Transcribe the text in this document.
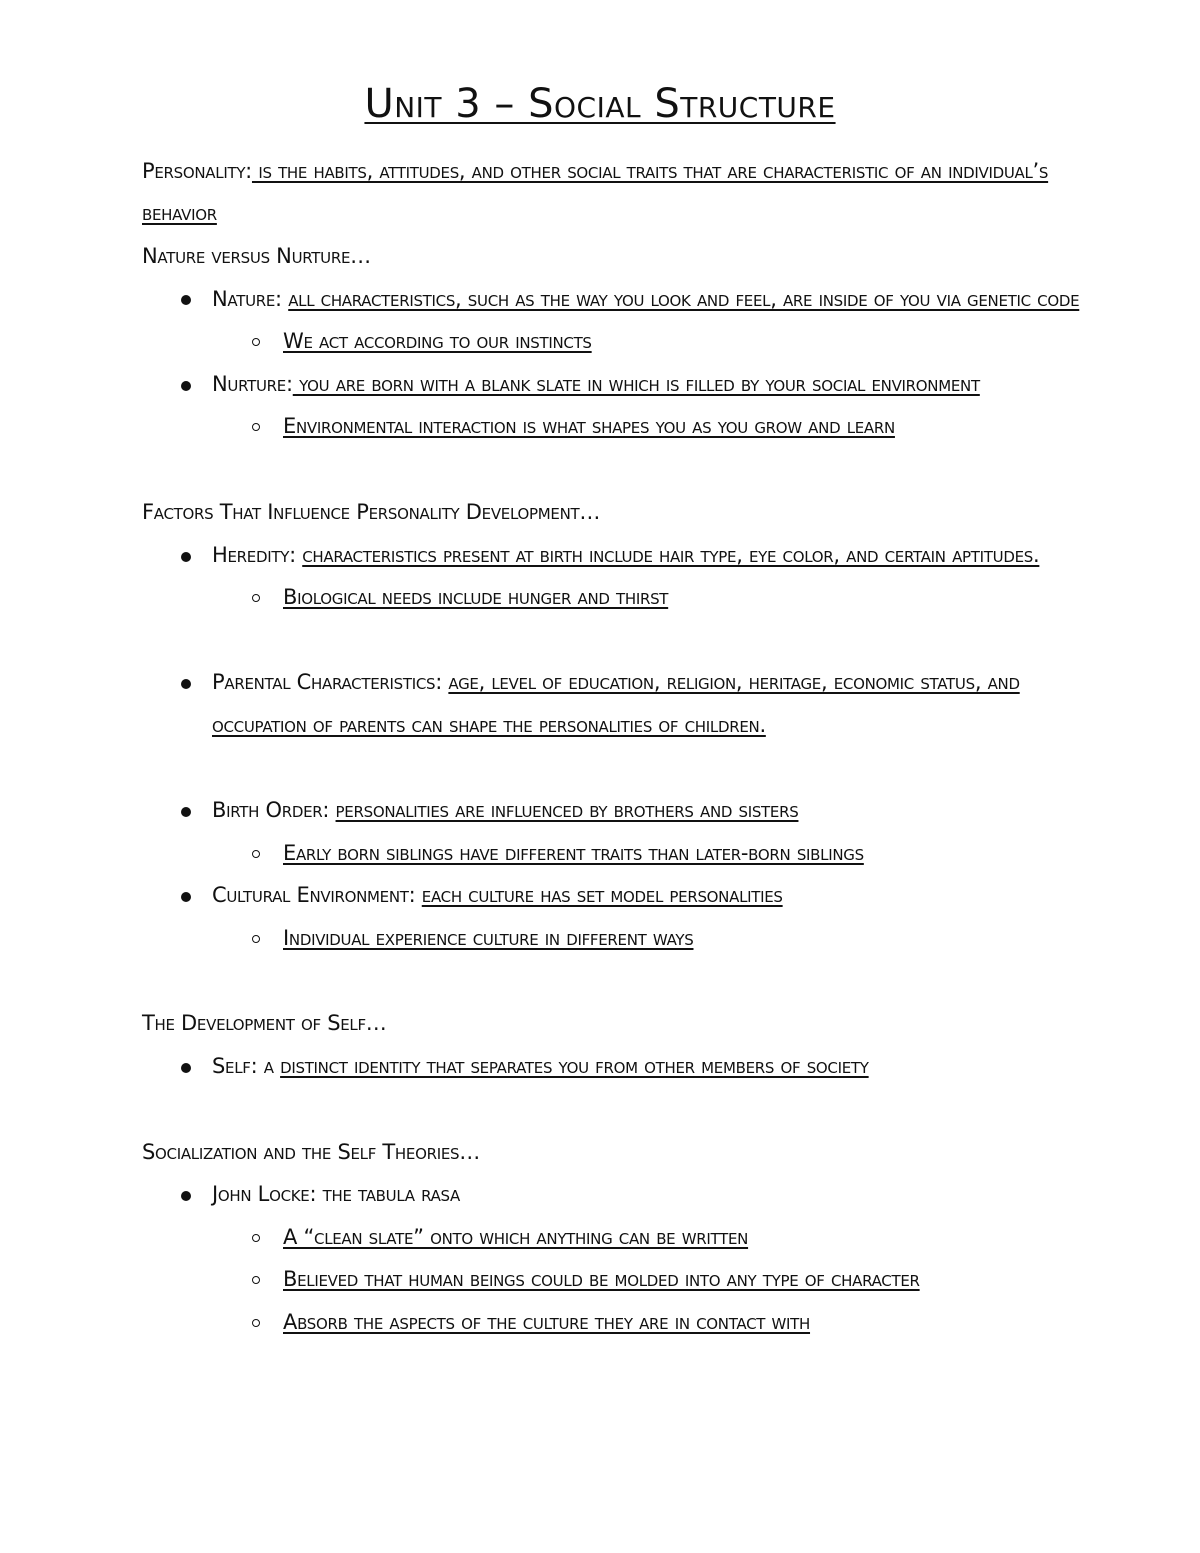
Unit 3 – Social Structure
Personality: is the habits, attitudes, and other social traits that are characteristic of an individual’s
behavior
Nature versus Nurture…
Nature: all characteristics, such as the way you look and feel, are inside of you via genetic code
We act according to our instincts
Nurture: you are born with a blank slate in which is filled by your social environment
Environmental interaction is what shapes you as you grow and learn
Factors That Influence Personality Development…
Heredity: characteristics present at birth include hair type, eye color, and certain aptitudes.
Biological needs include hunger and thirst
Parental Characteristics: age, level of education, religion, heritage, economic status, and
occupation of parents can shape the personalities of children.
Birth Order: personalities are influenced by brothers and sisters
Early born siblings have different traits than later-born siblings
Cultural Environment: each culture has set model personalities
Individual experience culture in different ways
The Development of Self…
Self: a distinct identity that separates you from other members of society
Socialization and the Self Theories…
John Locke: the tabula rasa
A “clean slate” onto which anything can be written
Believed that human beings could be molded into any type of character
Absorb the aspects of the culture they are in contact with
